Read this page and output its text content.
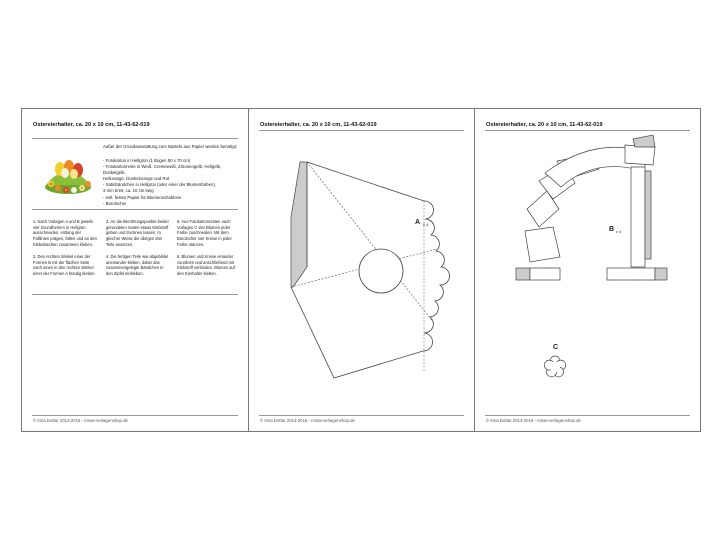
Ostereierhalter, ca. 20 x 10 cm, 11-43-62-019
Außer der Grundausstattung zum Basteln aus Papier werden benötigt:
- Fotokarton in Hellgrün (1 Bogen 50 x 70 cm)
- Fotokartonreste in Weiß, Cremeweiß, Zitronengelb, Hellgelb, Dunkelgelb,
Hellorange, Dunkelorange und Rot
- Satinbändchen in Hellgrün (oder einer der Blumenfarben),
3 mm breit, ca. 10 cm lang
- evtl. festes Papier für Blumenschablone
- Bürolocher
1. Nach Vorlagen A und B jeweils vier Grundformen in Hellgrün ausschneiden, entlang der Falllinien prägen, falten und an den Klebelaschen zusammen kleben.
2. Den rechten Winkel einer der Formen B mit der flachen Seite nach innen in den rechten Winkel einer der Formen A bündig kleben.
3. An die Berührungspunkte beider gerundeten Seiten etwas Klebstoff geben und trocknen lassen. In gleicher Weise die übrigen drei Teile ansetzen.
4. Die fertigen Teile wie abgebildet aneinander kleben, dabei das zusammengelegte Bändchen in den Zipfel einkleben.
5. Aus Fotokartonresten nach Vorlagen C vier Blumen jeder Farbe zuschneiden. Mit dem Bürolocher vier Kreise in jeder Farbe stanzen.
6. Blumen und Kreise einander zuordnen und anschließend mit Klebstoff verbinden. Blumen auf den Eierhalter kleben.
© Irina Dottar 2013-2016 - nmas-verlagenshop.de
Ostereierhalter, ca. 20 x 10 cm, 11-43-62-019
A x 4
© Irina Dottar 2013-2016 - nmas-verlagenshop.de
Ostereierhalter, ca. 20 x 10 cm, 11-43-62-019
B x 4
C
© Irina Dottar 2013-2016 - nmas-verlagenshop.de
